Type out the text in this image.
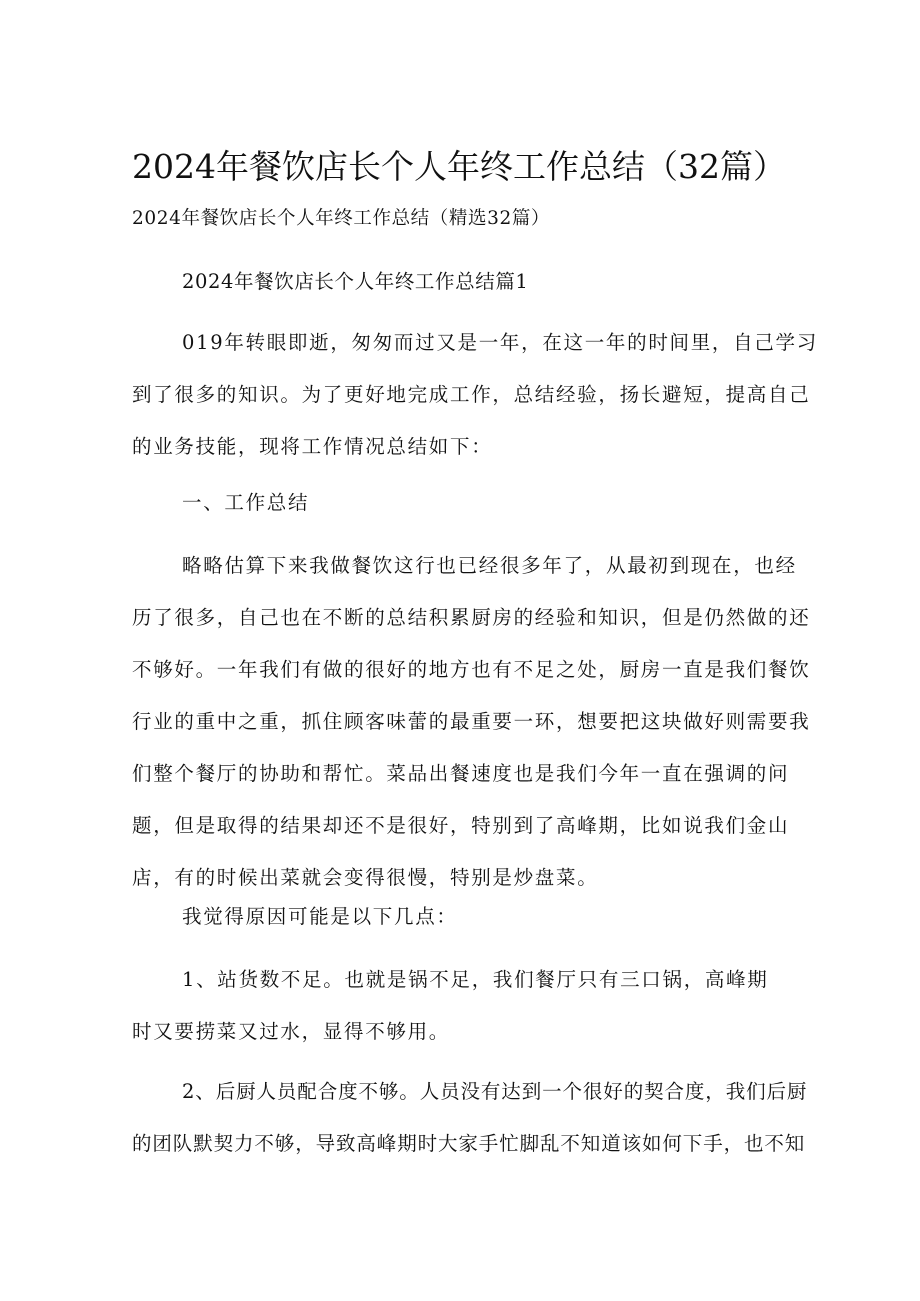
2024年餐饮店长个人年终工作总结（32篇）
2024年餐饮店长个人年终工作总结（精选32篇）
2024年餐饮店长个人年终工作总结篇1
019年转眼即逝，匆匆而过又是一年，在这一年的时间里，自己学习
到了很多的知识。为了更好地完成工作，总结经验，扬长避短，提高自己
的业务技能，现将工作情况总结如下：
一、工作总结
略略估算下来我做餐饮这行也已经很多年了，从最初到现在，也经
历了很多，自己也在不断的总结积累厨房的经验和知识，但是仍然做的还
不够好。一年我们有做的很好的地方也有不足之处，厨房一直是我们餐饮
行业的重中之重，抓住顾客味蕾的最重要一环，想要把这块做好则需要我
们整个餐厅的协助和帮忙。菜品出餐速度也是我们今年一直在强调的问
题，但是取得的结果却还不是很好，特别到了高峰期，比如说我们金山
店，有的时候出菜就会变得很慢，特别是炒盘菜。
我觉得原因可能是以下几点：
1、站货数不足。也就是锅不足，我们餐厅只有三口锅，高峰期
时又要捞菜又过水，显得不够用。
2、后厨人员配合度不够。人员没有达到一个很好的契合度，我们后厨
的团队默契力不够，导致高峰期时大家手忙脚乱不知道该如何下手，也不知
